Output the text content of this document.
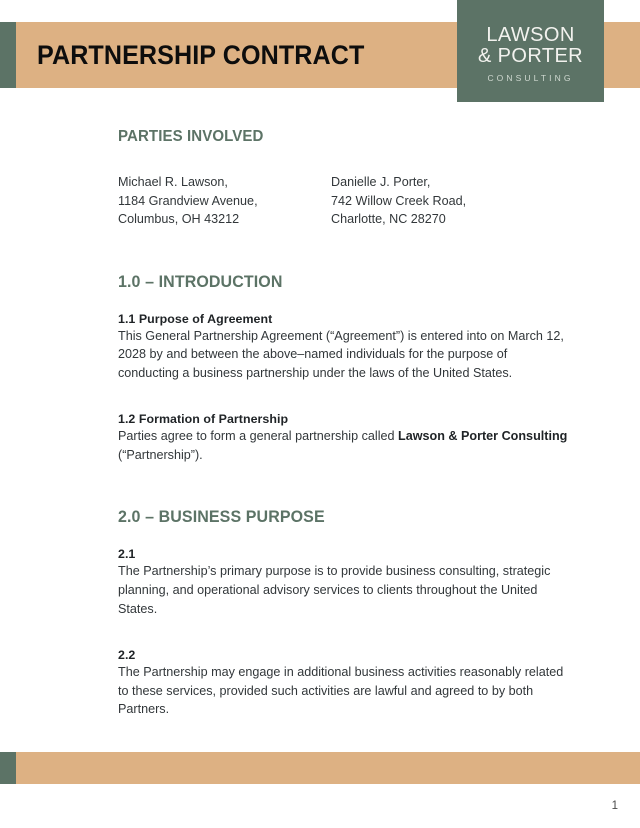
PARTNERSHIP CONTRACT
LAWSON
& PORTER
CONSULTING
PARTIES INVOLVED
Michael R. Lawson,
1184 Grandview Avenue,
Columbus, OH 43212
Danielle J. Porter,
742 Willow Creek Road,
Charlotte, NC 28270
1.0 – INTRODUCTION
1.1 Purpose of Agreement
This General Partnership Agreement (“Agreement”) is entered into on March 12, 2028 by and between the above–named individuals for the purpose of conducting a business partnership under the laws of the United States.
1.2 Formation of Partnership
Parties agree to form a general partnership called Lawson & Porter Consulting (“Partnership”).
2.0 – BUSINESS PURPOSE
2.1
The Partnership’s primary purpose is to provide business consulting, strategic planning, and operational advisory services to clients throughout the United States.
2.2
The Partnership may engage in additional business activities reasonably related to these services, provided such activities are lawful and agreed to by both Partners.
1
